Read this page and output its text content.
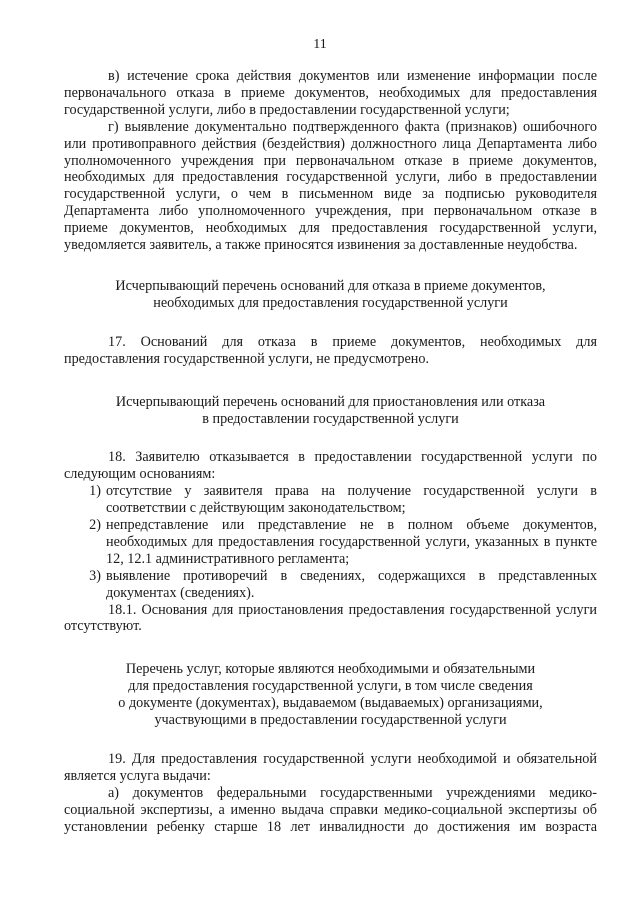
11

в) истечение срока действия документов или изменение информации после первоначального отказа в приеме документов, необходимых для предоставления государственной услуги, либо в предоставлении государственной услуги;

г) выявление документально подтвержденного факта (признаков) ошибочного или противоправного действия (бездействия) должностного лица Департамента либо уполномоченного учреждения при первоначальном отказе в приеме документов, необходимых для предоставления государственной услуги, либо в предоставлении государственной услуги, о чем в письменном виде за подписью руководителя Департамента либо уполномоченного учреждения, при первоначальном отказе в приеме документов, необходимых для предоставления государственной услуги, уведомляется заявитель, а также приносятся извинения за доставленные неудобства.

Исчерпывающий перечень оснований для отказа в приеме документов,
необходимых для предоставления государственной услуги

17. Оснований для отказа в приеме документов, необходимых для предоставления государственной услуги, не предусмотрено.

Исчерпывающий перечень оснований для приостановления или отказа
в предоставлении государственной услуги

18. Заявителю отказывается в предоставлении государственной услуги по следующим основаниям:

1) отсутствие у заявителя права на получение государственной услуги в соответствии с действующим законодательством;
2) непредставление или представление не в полном объеме документов, необходимых для предоставления государственной услуги, указанных в пункте 12, 12.1 административного регламента;
3) выявление противоречий в сведениях, содержащихся в представленных документах (сведениях).

18.1. Основания для приостановления предоставления государственной услуги отсутствуют.

Перечень услуг, которые являются необходимыми и обязательными
для предоставления государственной услуги, в том числе сведения
о документе (документах), выдаваемом (выдаваемых) организациями,
участвующими в предоставлении государственной услуги

19. Для предоставления государственной услуги необходимой и обязательной является услуга выдачи:

а) документов федеральными государственными учреждениями медико-социальной экспертизы, а именно выдача справки медико-социальной экспертизы об установлении ребенку старше 18 лет инвалидности до достижения им возраста
